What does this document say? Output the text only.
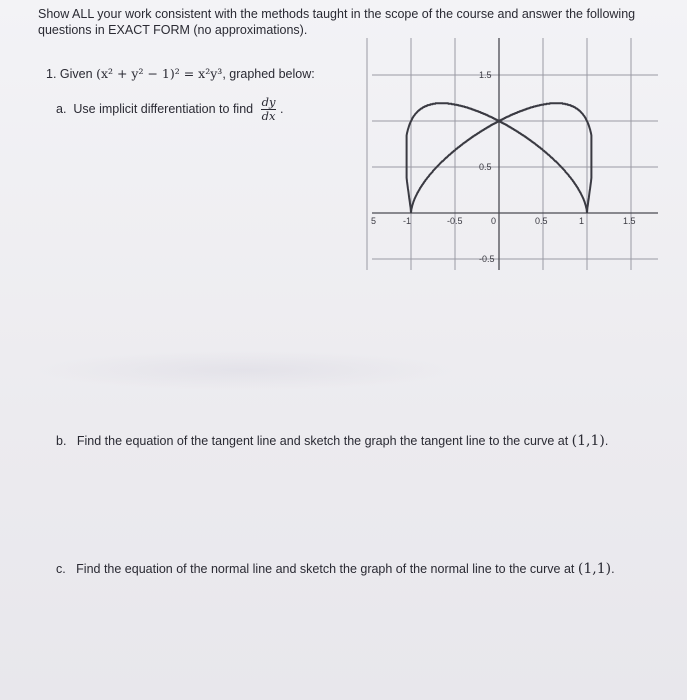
Show ALL your work consistent with the methods taught in the scope of the course and answer the following questions in EXACT FORM (no approximations).
1. Given (x² + y² − 1)² = x²y³, graphed below:
a. Use implicit differentiation to find $\frac{dy}{dx}$ .
5	-1	-0.5	0	0.5	1	1.5
1.5
0.5
-0.5
b. Find the equation of the tangent line and sketch the graph the tangent line to the curve at (1,1).
c. Find the equation of the normal line and sketch the graph of the normal line to the curve at (1,1).
